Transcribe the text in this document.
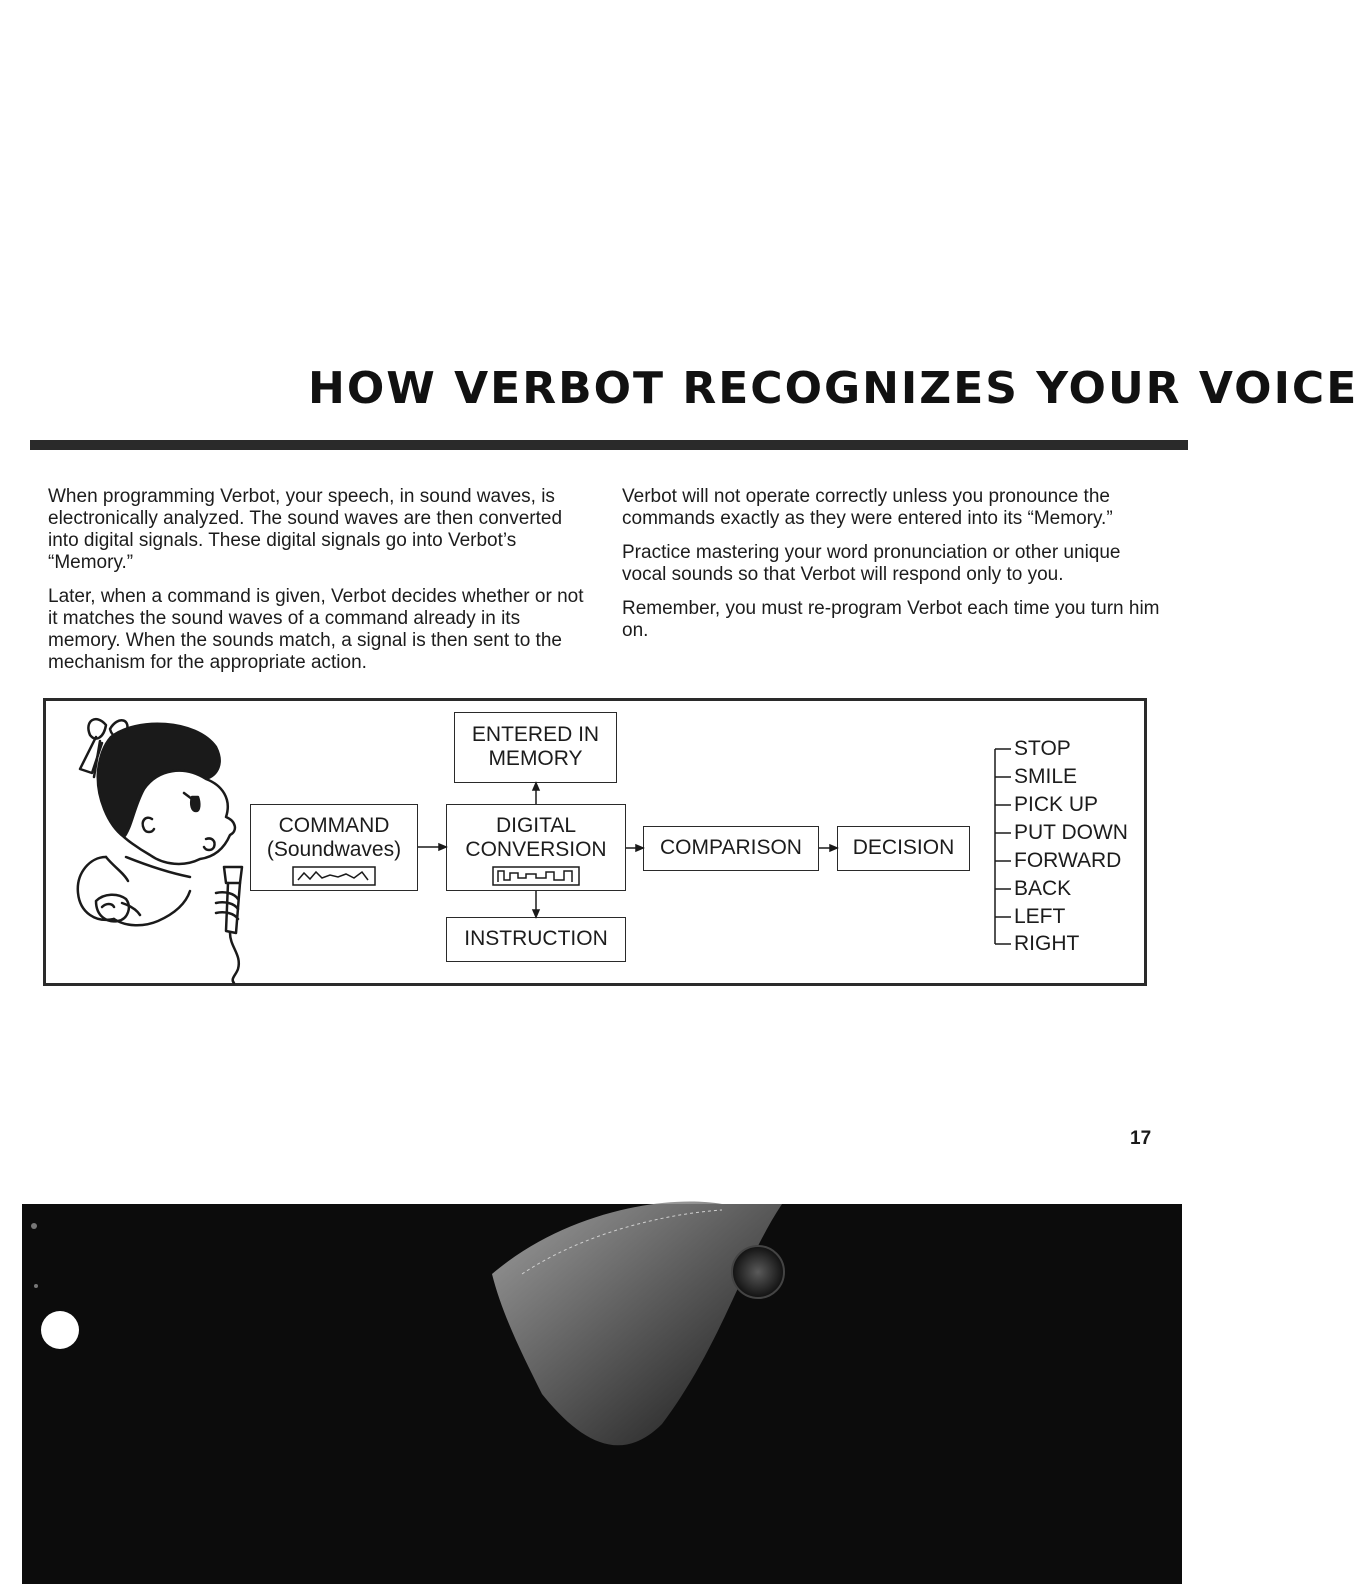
HOW VERBOT RECOGNIZES YOUR VOICE

When programming Verbot, your speech, in sound waves, is electronically analyzed. The sound waves are then converted into digital signals. These digital signals go into Verbot’s “Memory.”

Later, when a command is given, Verbot decides whether or not it matches the sound waves of a command already in its memory. When the sounds match, a signal is then sent to the mechanism for the appropriate action.

Verbot will not operate correctly unless you pronounce the commands exactly as they were entered into its “Memory.”

Practice mastering your word pronunciation or other unique vocal sounds so that Verbot will respond only to you.

Remember, you must re-program Verbot each time you turn him on.

ENTERED IN
MEMORY
COMMAND
(Soundwaves)
DIGITAL
CONVERSION	COMPARISON	DECISION
INSTRUCTION
STOP
SMILE
PICK UP
PUT DOWN
FORWARD
BACK
LEFT
RIGHT
17
